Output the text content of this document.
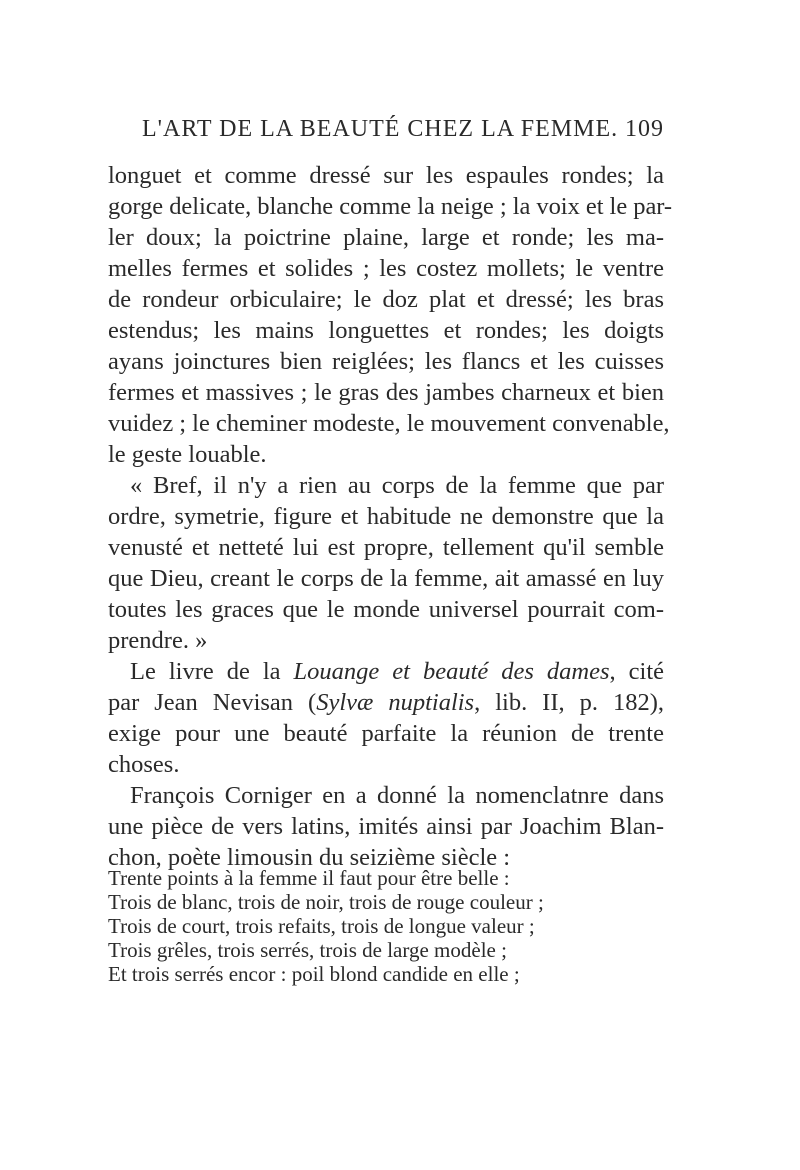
L'ART DE LA BEAUTÉ CHEZ LA FEMME. 109
longuet et comme dressé sur les espaules rondes; la
gorge delicate, blanche comme la neige ; la voix et le par-
ler doux; la poictrine plaine, large et ronde; les ma-
melles fermes et solides ; les costez mollets; le ventre
de rondeur orbiculaire; le doz plat et dressé; les bras
estendus; les mains longuettes et rondes; les doigts
ayans joinctures bien reiglées; les flancs et les cuisses
fermes et massives ; le gras des jambes charneux et bien
vuidez ; le cheminer modeste, le mouvement convenable,
le geste louable.
« Bref, il n'y a rien au corps de la femme que par
ordre, symetrie, figure et habitude ne demonstre que la
venusté et netteté lui est propre, tellement qu'il semble
que Dieu, creant le corps de la femme, ait amassé en luy
toutes les graces que le monde universel pourrait com-
prendre. »
Le livre de la Louange et beauté des dames, cité
par Jean Nevisan (Sylvæ nuptialis, lib. II, p. 182),
exige pour une beauté parfaite la réunion de trente
choses.
François Corniger en a donné la nomenclatnre dans
une pièce de vers latins, imités ainsi par Joachim Blan-
chon, poète limousin du seizième siècle :
Trente points à la femme il faut pour être belle :
Trois de blanc, trois de noir, trois de rouge couleur ;
Trois de court, trois refaits, trois de longue valeur ;
Trois grêles, trois serrés, trois de large modèle ;
Et trois serrés encor : poil blond candide en elle ;
